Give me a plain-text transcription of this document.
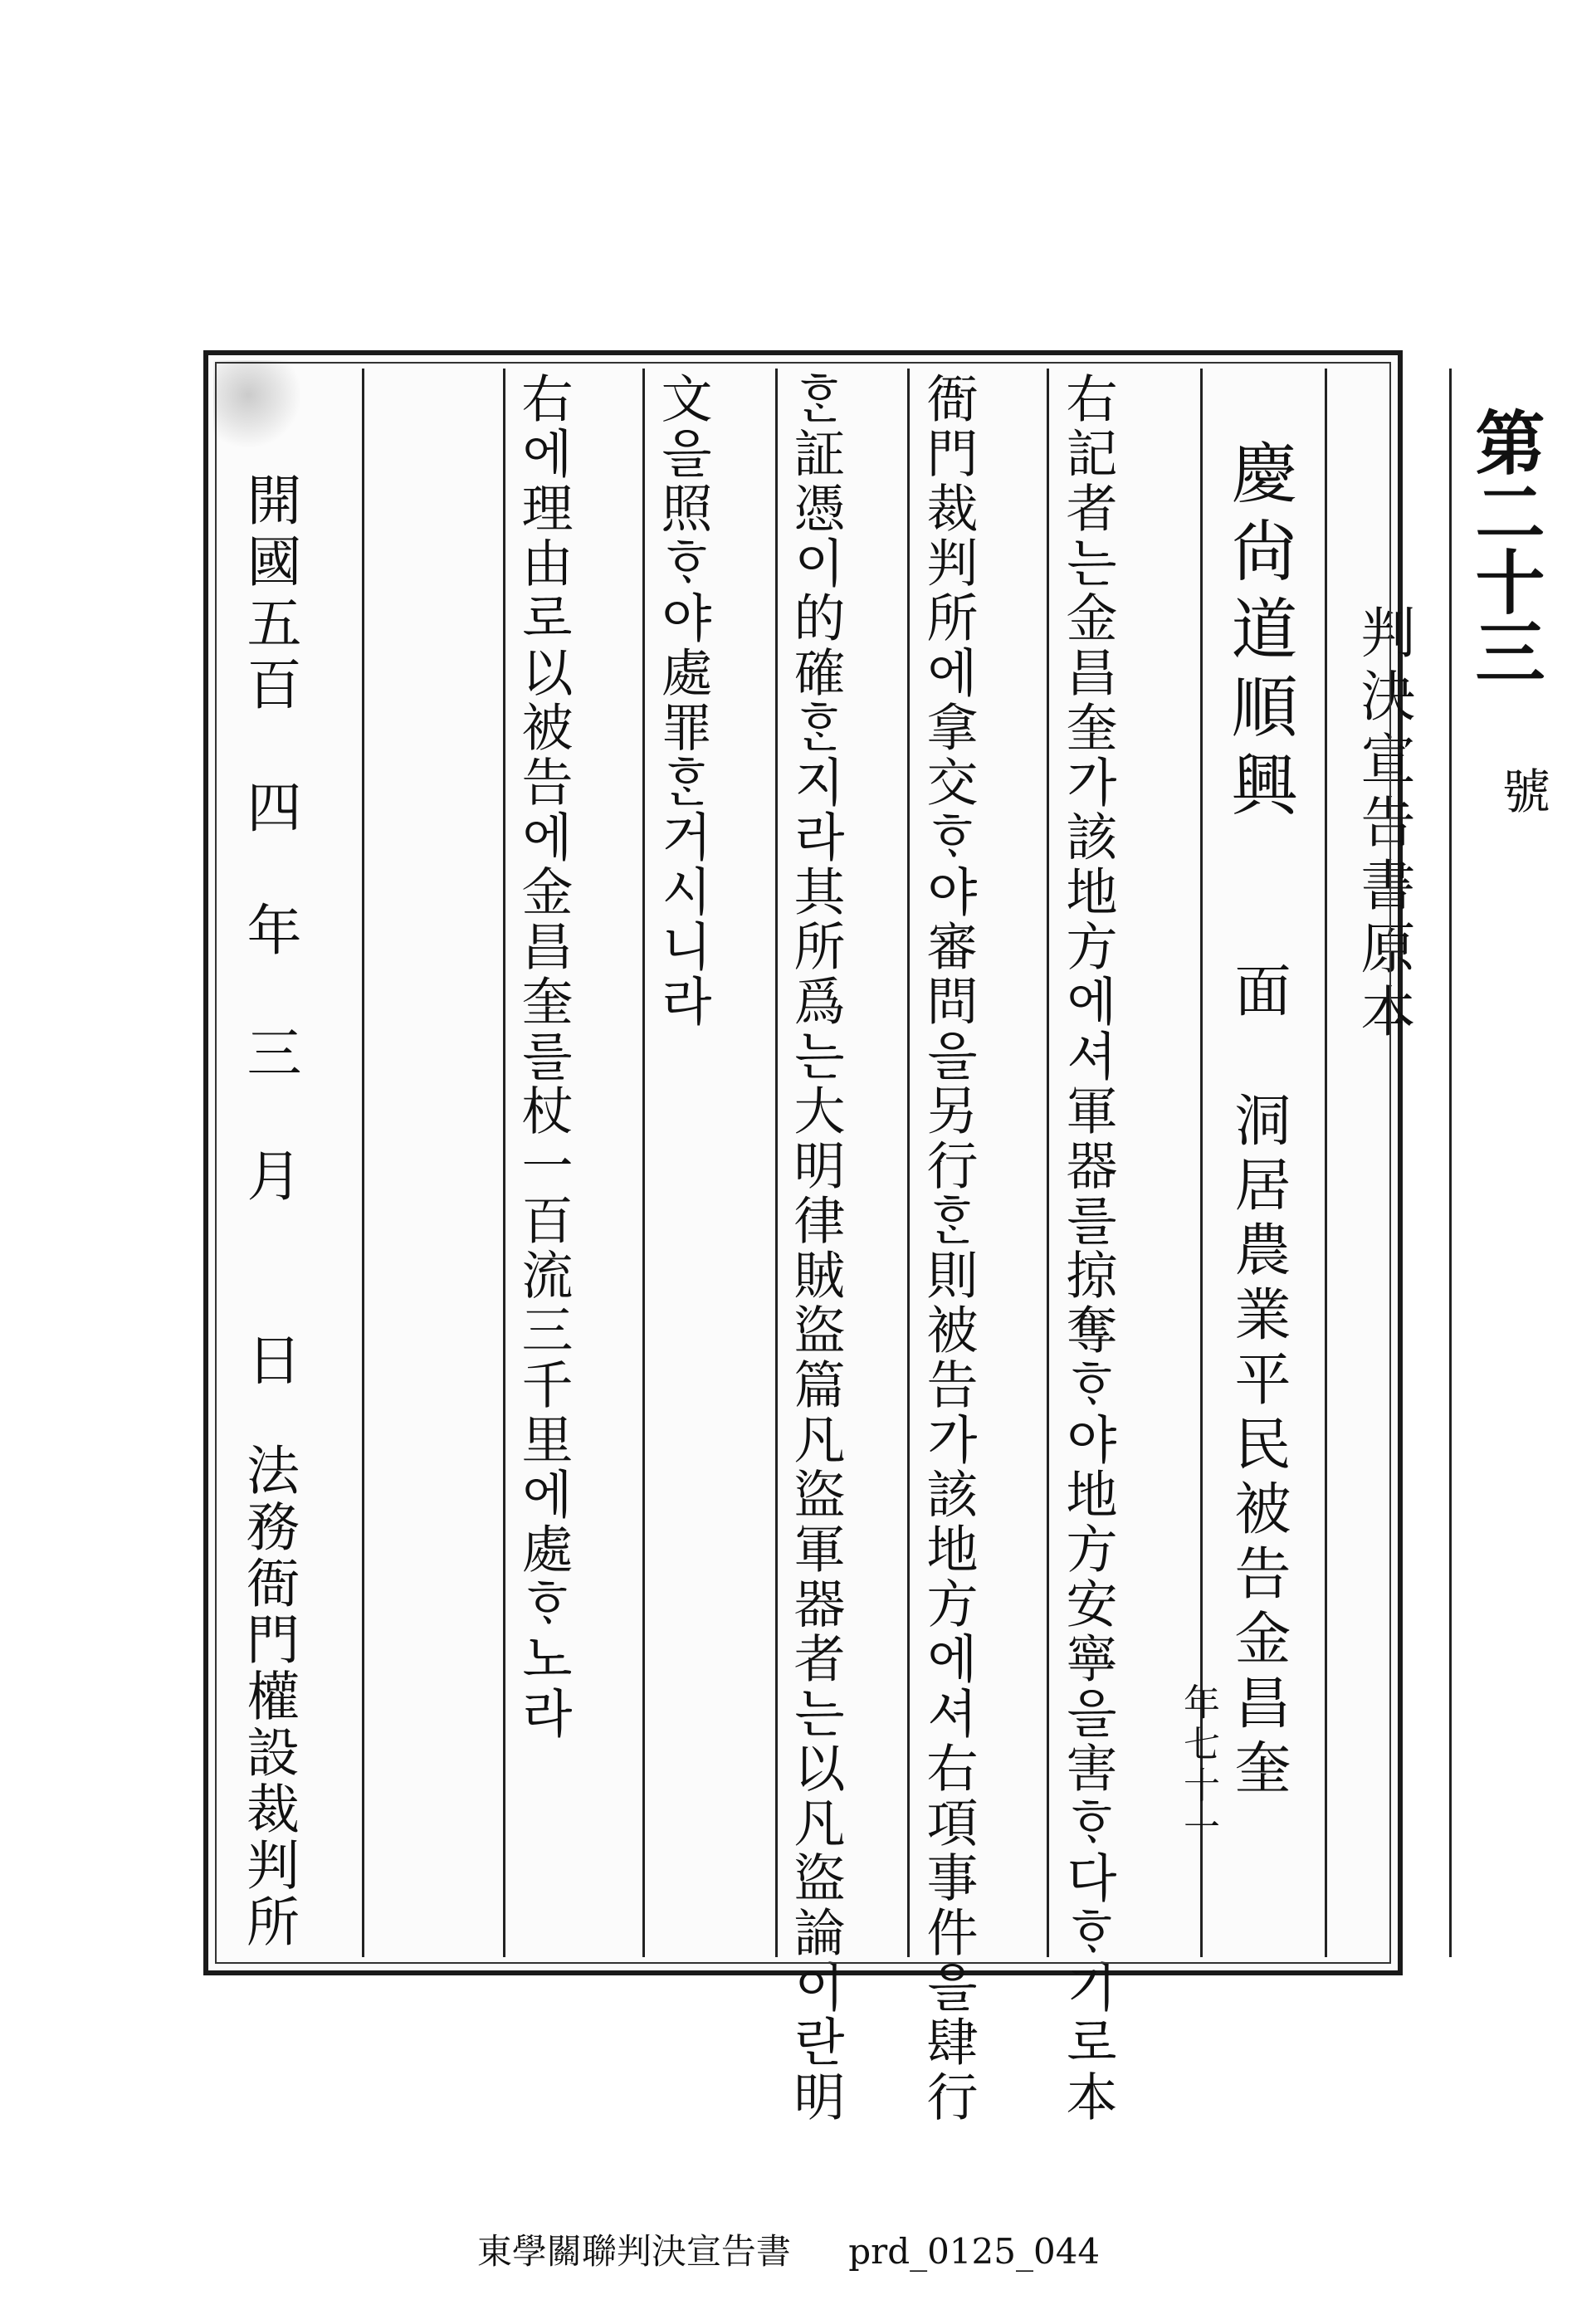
第二十三
號
判決宣告書原本
慶尙道順興
面　洞居農業平民被告金昌奎
年七十一
右記者는金昌奎가該地方에셔軍器를掠奪ᄒᆞ야地方安寧을害ᄒᆞ다ᄒᆞ기로本
衙門裁判所에拿交ᄒᆞ야審問을另行ᄒᆞᆫ則被告가該地方에셔右項事件을肆行
ᄒᆞᆫ証憑이的確ᄒᆞᆫ지라其所爲는大明律賊盜篇凡盜軍器者는以凡盜論이란明
文을照ᄒᆞ야處罪ᄒᆞᆫ거시니라
右에理由로以被告에金昌奎를杖一百流三千里에處ᄒᆞ노라
開國五百　四　年　三　月　　日
法務衙門權設裁判所
東學關聯判決宣告書 prd_0125_044
